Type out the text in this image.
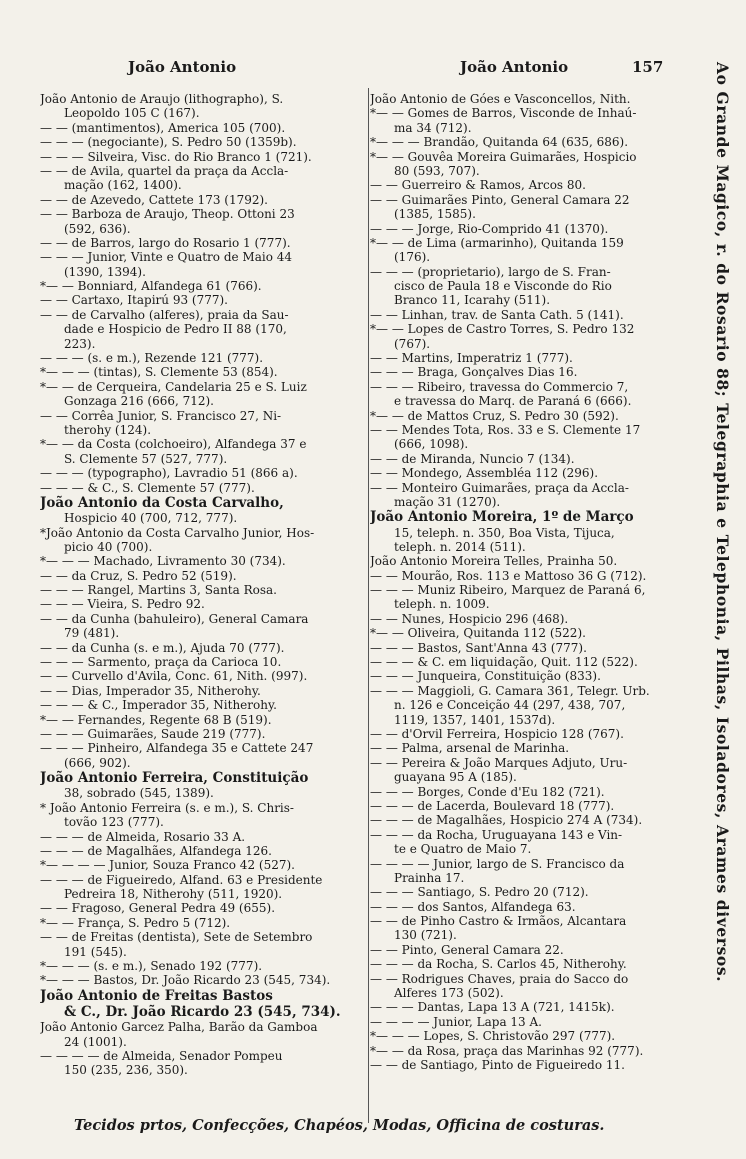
João Antonio	João Antonio	157
João Antonio de Araujo (lithographo), S.
Leopoldo 105 C (167).
— — (mantimentos), America 105 (700).
— — — (negociante), S. Pedro 50 (1359b).
— — — Silveira, Visc. do Rio Branco 1 (721).
— — de Avila, quartel da praça da Accla-
mação (162, 1400).
— — de Azevedo, Cattete 173 (1792).
— — Barboza de Araujo, Theop. Ottoni 23
(592, 636).
— — de Barros, largo do Rosario 1 (777).
— — — Junior, Vinte e Quatro de Maio 44
(1390, 1394).
*— — Bonniard, Alfandega 61 (766).
— — Cartaxo, Itapirú 93 (777).
— — de Carvalho (alferes), praia da Sau-
dade e Hospicio de Pedro II 88 (170,
223).
— — — (s. e m.), Rezende 121 (777).
*— — — (tintas), S. Clemente 53 (854).
*— — de Cerqueira, Candelaria 25 e S. Luiz
Gonzaga 216 (666, 712).
— — Corrêa Junior, S. Francisco 27, Ni-
therohy (124).
*— — da Costa (colchoeiro), Alfandega 37 e
S. Clemente 57 (527, 777).
— — — (typographo), Lavradio 51 (866 a).
— — — & C., S. Clemente 57 (777).
João Antonio da Costa Carvalho,
Hospicio 40 (700, 712, 777).
*João Antonio da Costa Carvalho Junior, Hos-
picio 40 (700).
*— — — Machado, Livramento 30 (734).
— — da Cruz, S. Pedro 52 (519).
— — — Rangel, Martins 3, Santa Rosa.
— — — Vieira, S. Pedro 92.
— — da Cunha (bahuleiro), General Camara
79 (481).
— — da Cunha (s. e m.), Ajuda 70 (777).
— — — Sarmento, praça da Carioca 10.
— — Curvello d'Avila, Conc. 61, Nith. (997).
— — Dias, Imperador 35, Nitherohy.
— — — & C., Imperador 35, Nitherohy.
*— — Fernandes, Regente 68 B (519).
— — — Guimarães, Saude 219 (777).
— — — Pinheiro, Alfandega 35 e Cattete 247
(666, 902).
João Antonio Ferreira, Constituição
38, sobrado (545, 1389).
* João Antonio Ferreira (s. e m.), S. Chris-
tovão 123 (777).
— — — de Almeida, Rosario 33 A.
— — — de Magalhães, Alfandega 126.
*— — — — Junior, Souza Franco 42 (527).
— — — de Figueiredo, Alfand. 63 e Presidente
Pedreira 18, Nitherohy (511, 1920).
— — Fragoso, General Pedra 49 (655).
*— — França, S. Pedro 5 (712).
— — de Freitas (dentista), Sete de Setembro
191 (545).
*— — — (s. e m.), Senado 192 (777).
*— — — Bastos, Dr. João Ricardo 23 (545, 734).
João Antonio de Freitas Bastos
& C., Dr. João Ricardo 23 (545, 734).
João Antonio Garcez Palha, Barão da Gamboa
24 (1001).
— — — — de Almeida, Senador Pompeu
150 (235, 236, 350).
João Antonio de Góes e Vasconcellos, Nith.
*— — Gomes de Barros, Visconde de Inhaú-
ma 34 (712).
*— — — Brandão, Quitanda 64 (635, 686).
*— — Gouvêa Moreira Guimarães, Hospicio
80 (593, 707).
— — Guerreiro & Ramos, Arcos 80.
— — Guimarães Pinto, General Camara 22
(1385, 1585).
— — — Jorge, Rio-Comprido 41 (1370).
*— — de Lima (armarinho), Quitanda 159
(176).
— — — (proprietario), largo de S. Fran-
cisco de Paula 18 e Visconde do Rio
Branco 11, Icarahy (511).
— — Linhan, trav. de Santa Cath. 5 (141).
*— — Lopes de Castro Torres, S. Pedro 132
(767).
— — Martins, Imperatriz 1 (777).
— — — Braga, Gonçalves Dias 16.
— — — Ribeiro, travessa do Commercio 7,
e travessa do Marq. de Paraná 6 (666).
*— — de Mattos Cruz, S. Pedro 30 (592).
— — Mendes Tota, Ros. 33 e S. Clemente 17
(666, 1098).
— — de Miranda, Nuncio 7 (134).
— — Mondego, Assembléa 112 (296).
— — Monteiro Guimarães, praça da Accla-
mação 31 (1270).
João Antonio Moreira, 1º de Março
15, teleph. n. 350, Boa Vista, Tijuca,
teleph. n. 2014 (511).
João Antonio Moreira Telles, Prainha 50.
— — Mourão, Ros. 113 e Mattoso 36 G (712).
— — — Muniz Ribeiro, Marquez de Paraná 6,
teleph. n. 1009.
— — Nunes, Hospicio 296 (468).
*— — Oliveira, Quitanda 112 (522).
— — — Bastos, Sant'Anna 43 (777).
— — — & C. em liquidação, Quit. 112 (522).
— — — Junqueira, Constituição (833).
— — — Maggioli, G. Camara 361, Telegr. Urb.
n. 126 e Conceição 44 (297, 438, 707,
1119, 1357, 1401, 1537d).
— — d'Orvil Ferreira, Hospicio 128 (767).
— — Palma, arsenal de Marinha.
— — Pereira & João Marques Adjuto, Uru-
guayana 95 A (185).
— — — Borges, Conde d'Eu 182 (721).
— — — de Lacerda, Boulevard 18 (777).
— — — de Magalhães, Hospicio 274 A (734).
— — — da Rocha, Uruguayana 143 e Vin-
te e Quatro de Maio 7.
— — — — Junior, largo de S. Francisco da
Prainha 17.
— — — Santiago, S. Pedro 20 (712).
— — — dos Santos, Alfandega 63.
— — de Pinho Castro & Irmãos, Alcantara
130 (721).
— — Pinto, General Camara 22.
— — — da Rocha, S. Carlos 45, Nitherohy.
— — Rodrigues Chaves, praia do Sacco do
Alferes 173 (502).
— — — Dantas, Lapa 13 A (721, 1415k).
— — — — Junior, Lapa 13 A.
*— — — Lopes, S. Christovão 297 (777).
*— — da Rosa, praça das Marinhas 92 (777).
— — de Santiago, Pinto de Figueiredo 11.
Ao Grande Magico, r. do Rosario 88; Telegraphia e Telephonia, Pilhas, Isoladores, Arames diversos.
Tecidos prtos, Confecções, Chapéos, Modas, Officina de costuras.
